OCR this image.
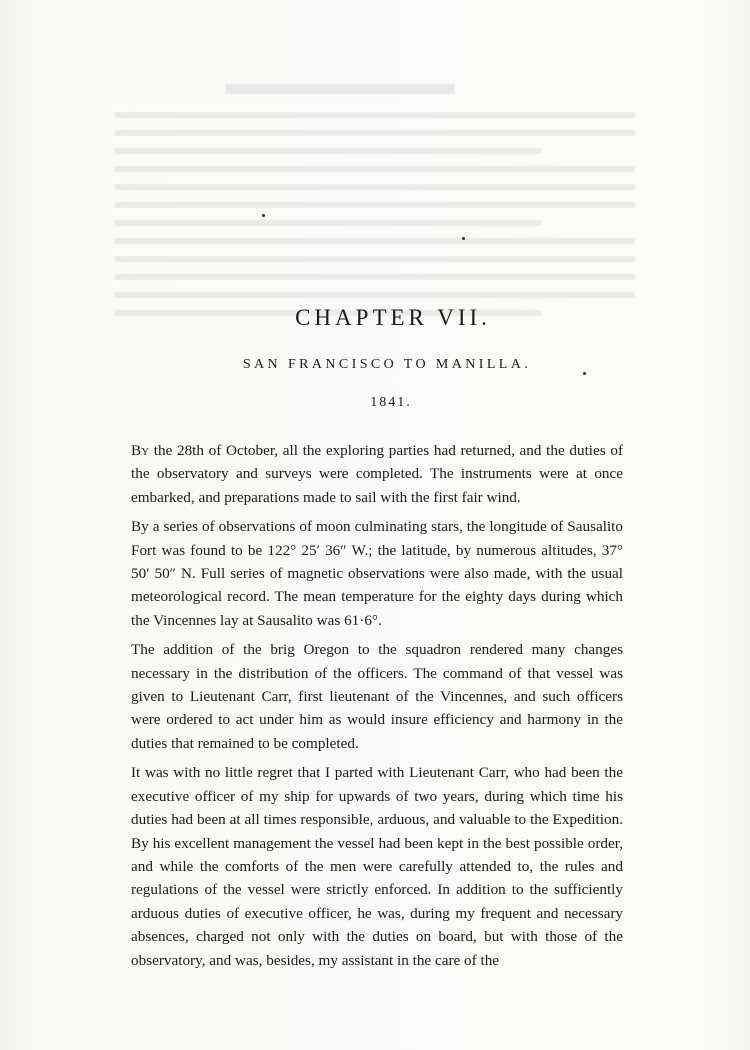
CHAPTER VII.
SAN FRANCISCO TO MANILLA.
1841.

By the 28th of October, all the exploring parties had returned, and the duties of the observatory and surveys were completed. The instruments were at once embarked, and preparations made to sail with the first fair wind.

By a series of observations of moon culminating stars, the longitude of Sausalito Fort was found to be 122° 25′ 36″ W.; the latitude, by numerous altitudes, 37° 50′ 50″ N. Full series of magnetic observations were also made, with the usual meteorological record. The mean temperature for the eighty days during which the Vincennes lay at Sausalito was 61·6°.

The addition of the brig Oregon to the squadron rendered many changes necessary in the distribution of the officers. The command of that vessel was given to Lieutenant Carr, first lieutenant of the Vincennes, and such officers were ordered to act under him as would insure efficiency and harmony in the duties that remained to be completed.

It was with no little regret that I parted with Lieutenant Carr, who had been the executive officer of my ship for upwards of two years, during which time his duties had been at all times responsible, arduous, and valuable to the Expedition. By his excellent management the vessel had been kept in the best possible order, and while the comforts of the men were carefully attended to, the rules and regulations of the vessel were strictly enforced. In addition to the sufficiently arduous duties of executive officer, he was, during my frequent and necessary absences, charged not only with the duties on board, but with those of the observatory, and was, besides, my assistant in the care of the
